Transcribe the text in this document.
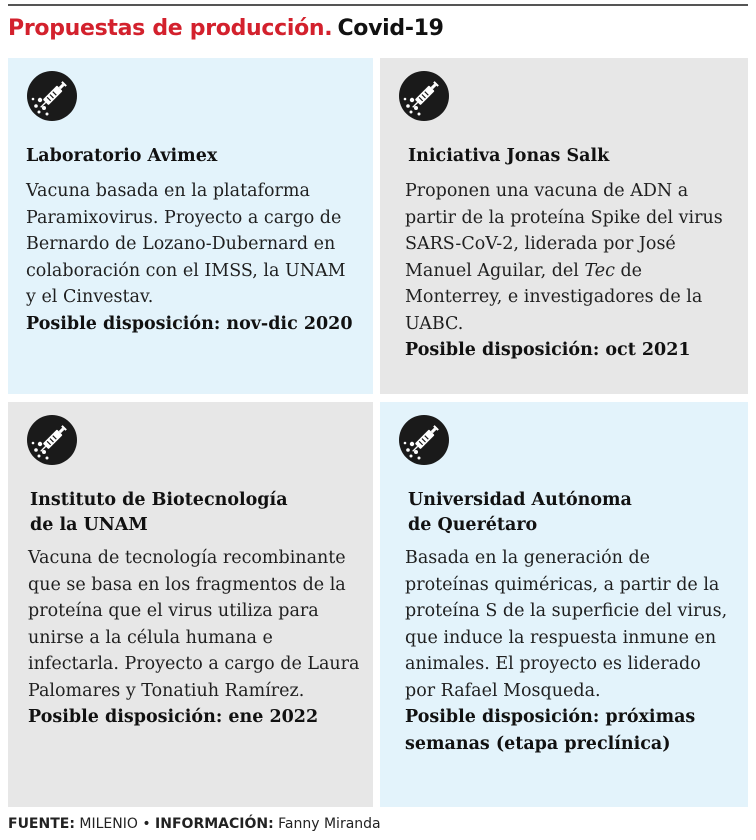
Propuestas de producción. Covid-19
Laboratorio Avimex
Vacuna basada en la plataforma Paramixovirus. Proyecto a cargo de Bernardo de Lozano-Dubernard en colaboración con el IMSS, la UNAM y el Cinvestav.
Posible disposición: nov-dic 2020
Iniciativa Jonas Salk
Proponen una vacuna de ADN a partir de la proteína Spike del virus SARS-CoV-2, liderada por José Manuel Aguilar, del Tec de Monterrey, e investigadores de la UABC.
Posible disposición: oct 2021
Instituto de Biotecnología
de la UNAM
Vacuna de tecnología recombinante que se basa en los fragmentos de la proteína que el virus utiliza para unirse a la célula humana e infectarla. Proyecto a cargo de Laura Palomares y Tonatiuh Ramírez.
Posible disposición: ene 2022
Universidad Autónoma
de Querétaro
Basada en la generación de proteínas quiméricas, a partir de la proteína S de la superficie del virus, que induce la respuesta inmune en animales. El proyecto es liderado por Rafael Mosqueda.
Posible disposición: próximas semanas (etapa preclínica)
FUENTE: MILENIO • INFORMACIÓN: Fanny Miranda
